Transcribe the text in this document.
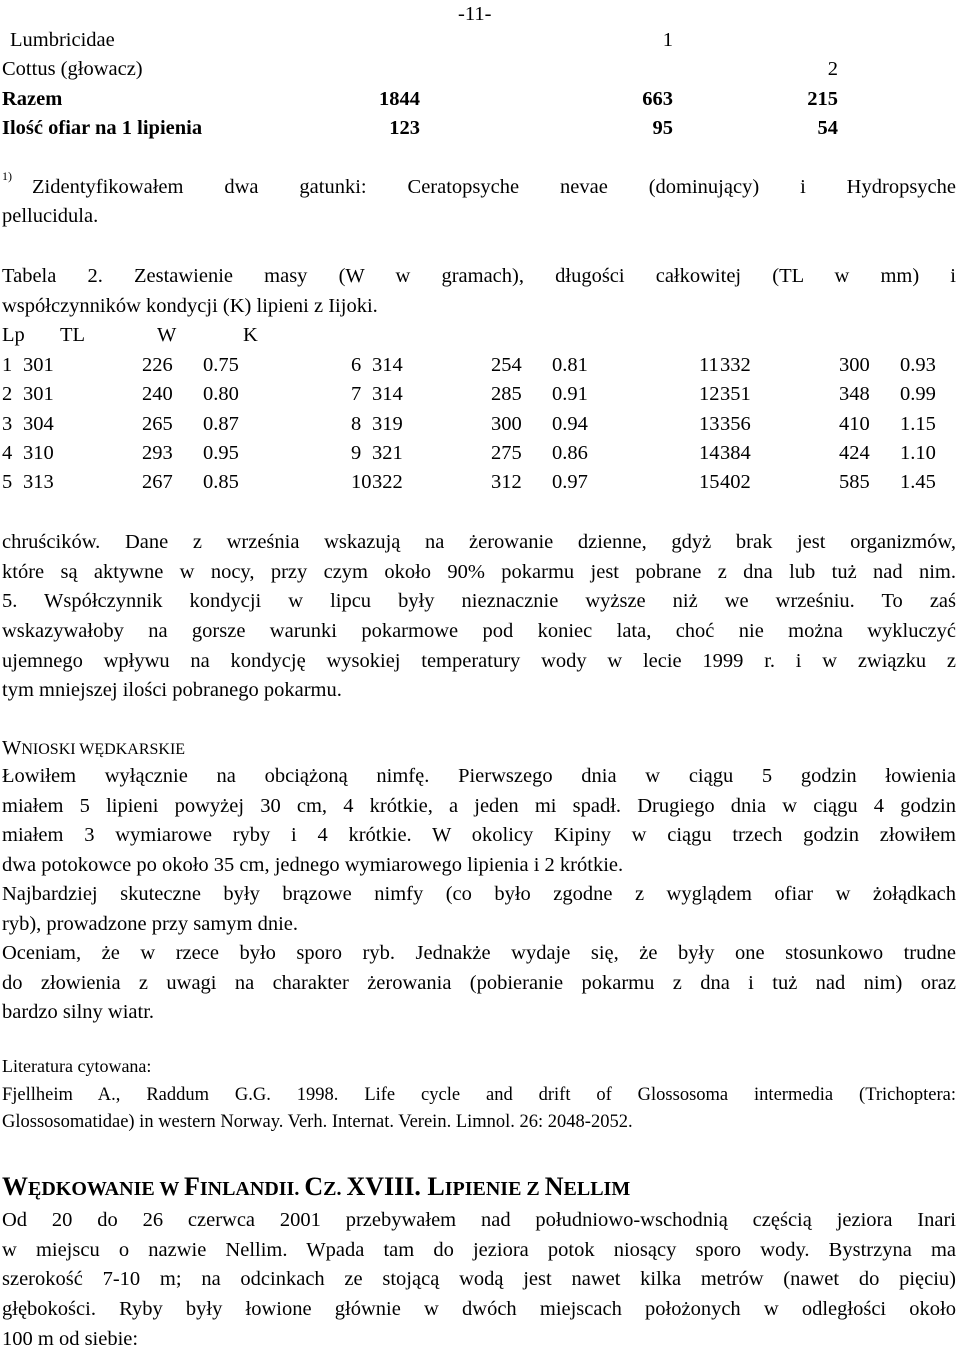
-11-
Lumbricidae	1
Cottus (głowacz)	2
Razem	1844	663	215
Ilość ofiar na 1 lipienia	123	95	54
1) Zidentyfikowałem dwa gatunki: Ceratopsyche nevae (dominujący) i Hydropsyche
pellucidula.
Tabela 2. Zestawienie masy (W w gramach), długości całkowitej (TL w mm) i
współczynników kondycji (K) lipieni z Iijoki.
Lp TL	W	K
1 301	226 0.75
2 301	240 0.80
3 304	265 0.87
4 310	293 0.95
5 313	267 0.85
6 314	254 0.81
7 314	285 0.91
8 319	300 0.94
9 321	275 0.86
10 322	312 0.97
11 332	300 0.93
12 351	348 0.99
13 356	410 1.15
14 384	424 1.10
15 402	585 1.45
chruścików. Dane z września wskazują na żerowanie dzienne, gdyż brak jest organizmów,
które są aktywne w nocy, przy czym około 90% pokarmu jest pobrane z dna lub tuż nad nim.
5. Współczynnik kondycji w lipcu były nieznacznie wyższe niż we wrześniu. To zaś
wskazywałoby na gorsze warunki pokarmowe pod koniec lata, choć nie można wykluczyć
ujemnego wpływu na kondycję wysokiej temperatury wody w lecie 1999 r. i w związku z
tym mniejszej ilości pobranego pokarmu.
WNIOSKI WĘDKARSKIE
Łowiłem wyłącznie na obciążoną nimfę. Pierwszego dnia w ciągu 5 godzin łowienia
miałem 5 lipieni powyżej 30 cm, 4 krótkie, a jeden mi spadł. Drugiego dnia w ciągu 4 godzin
miałem 3 wymiarowe ryby i 4 krótkie. W okolicy Kipiny w ciągu trzech godzin złowiłem
dwa potokowce po około 35 cm, jednego wymiarowego lipienia i 2 krótkie.
Najbardziej skuteczne były brązowe nimfy (co było zgodne z wyglądem ofiar w żołądkach
ryb), prowadzone przy samym dnie.
Oceniam, że w rzece było sporo ryb. Jednakże wydaje się, że były one stosunkowo trudne
do złowienia z uwagi na charakter żerowania (pobieranie pokarmu z dna i tuż nad nim) oraz
bardzo silny wiatr.
Literatura cytowana:
Fjellheim A., Raddum G.G. 1998. Life cycle and drift of Glossosoma intermedia (Trichoptera:
Glossosomatidae) in western Norway. Verh. Internat. Verein. Limnol. 26: 2048-2052.
WĘDKOWANIE W FINLANDII. CZ. XVIII. LIPIENIE Z NELLIM
Od 20 do 26 czerwca 2001 przebywałem nad południowo-wschodnią częścią jeziora Inari
w miejscu o nazwie Nellim. Wpada tam do jeziora potok niosący sporo wody. Bystrzyna ma
szerokość 7-10 m; na odcinkach ze stojącą wodą jest nawet kilka metrów (nawet do pięciu)
głębokości. Ryby były łowione głównie w dwóch miejscach położonych w odległości około
100 m od siebie:
